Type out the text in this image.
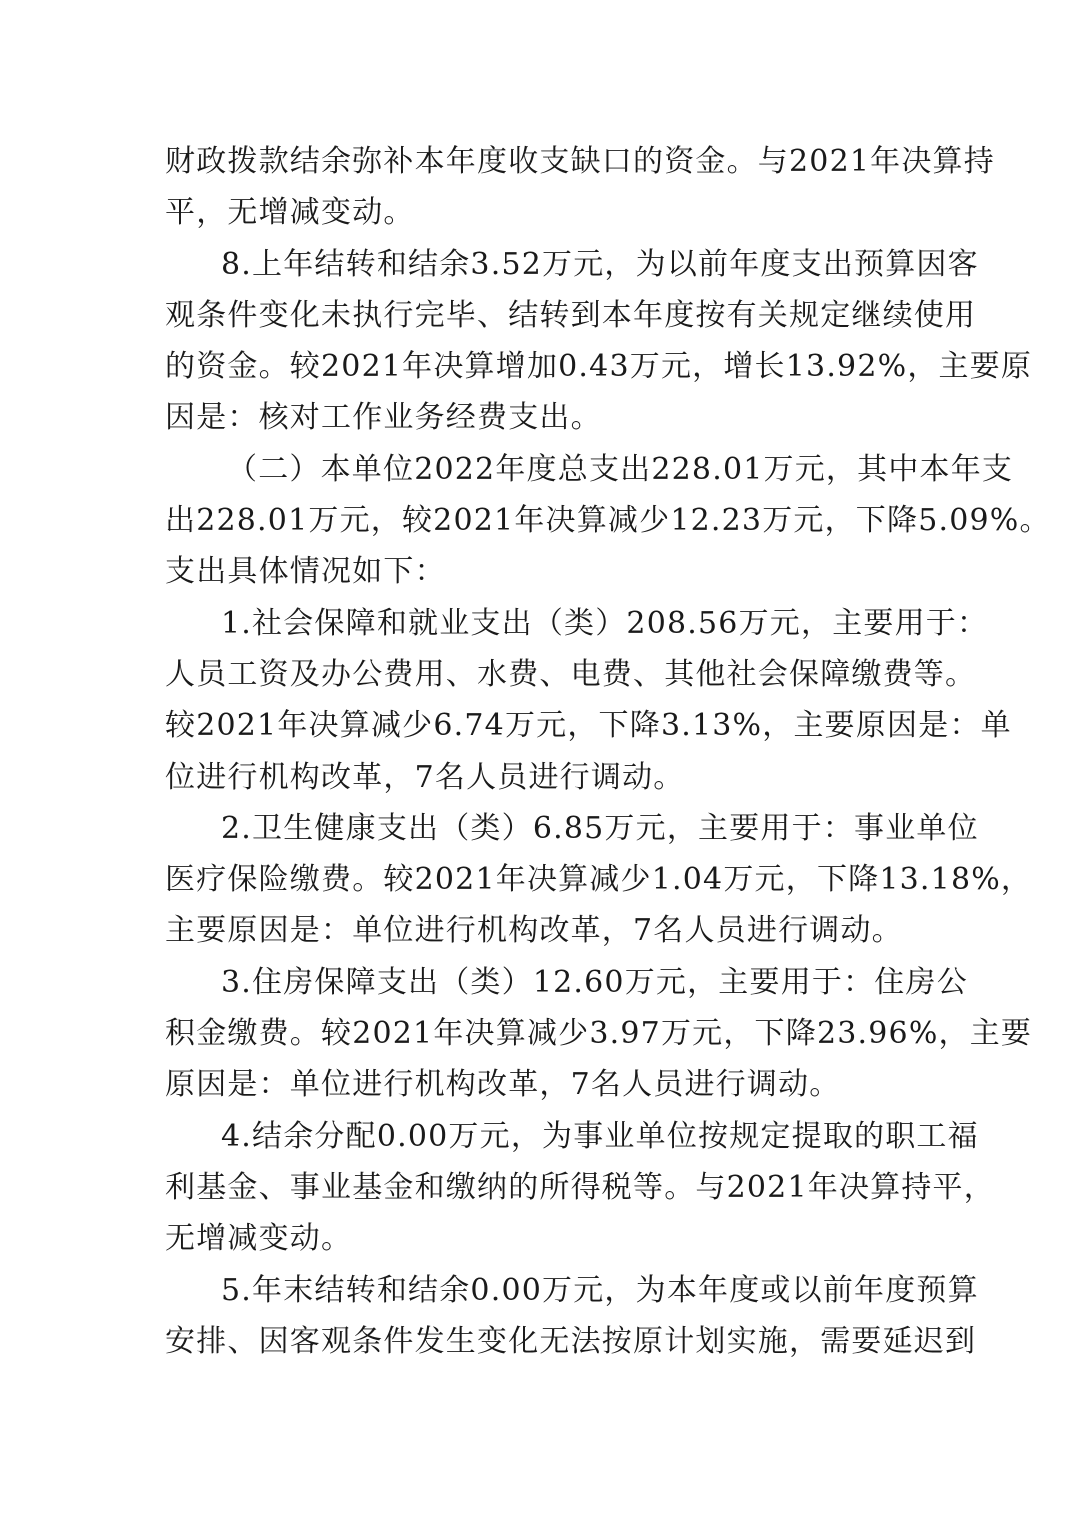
财政拨款结余弥补本年度收支缺口的资金。与2021年决算持
平，无增减变动。
8.上年结转和结余3.52万元，为以前年度支出预算因客
观条件变化未执行完毕、结转到本年度按有关规定继续使用
的资金。较2021年决算增加0.43万元，增长13.92%，主要原
因是：核对工作业务经费支出。
（二）本单位2022年度总支出228.01万元，其中本年支
出228.01万元，较2021年决算减少12.23万元，下降5.09%。
支出具体情况如下：
1.社会保障和就业支出（类）208.56万元，主要用于：
人员工资及办公费用、水费、电费、其他社会保障缴费等。
较2021年决算减少6.74万元，下降3.13%，主要原因是：单
位进行机构改革，7名人员进行调动。
2.卫生健康支出（类）6.85万元，主要用于：事业单位
医疗保险缴费。较2021年决算减少1.04万元，下降13.18%，
主要原因是：单位进行机构改革，7名人员进行调动。
3.住房保障支出（类）12.60万元，主要用于：住房公
积金缴费。较2021年决算减少3.97万元，下降23.96%，主要
原因是：单位进行机构改革，7名人员进行调动。
4.结余分配0.00万元，为事业单位按规定提取的职工福
利基金、事业基金和缴纳的所得税等。与2021年决算持平，
无增减变动。
5.年末结转和结余0.00万元，为本年度或以前年度预算
安排、因客观条件发生变化无法按原计划实施，需要延迟到
